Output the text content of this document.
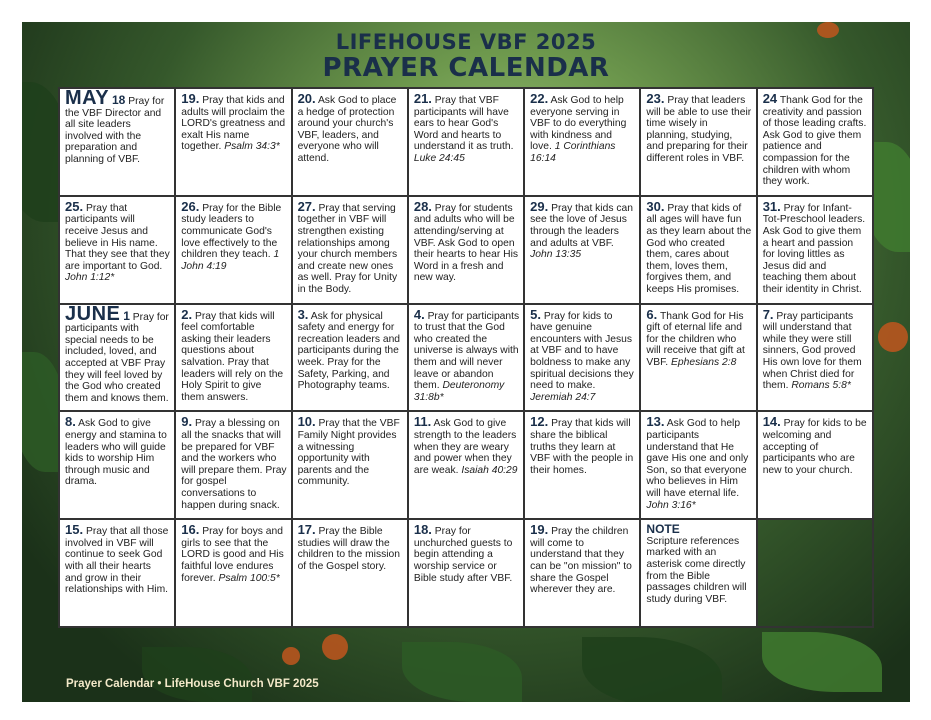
LIFEHOUSE VBF 2025
PRAYER CALENDAR
MAY 18 Pray for the VBF Director and all site leaders involved with the preparation and planning of VBF.
19. Pray that kids and adults will proclaim the LORD's greatness and exalt His name together. Psalm 34:3*
20. Ask God to place a hedge of protection around your church's VBF, leaders, and everyone who will attend.
21. Pray that VBF participants will have ears to hear God's Word and hearts to understand it as truth. Luke 24:45
22. Ask God to help everyone serving in VBF to do everything with kindness and love. 1 Corinthians 16:14
23. Pray that leaders will be able to use their time wisely in planning, studying, and preparing for their different roles in VBF.
24 Thank God for the creativity and passion of those leading crafts. Ask God to give them patience and compassion for the children with whom they work.
25. Pray that participants will receive Jesus and believe in His name. That they see that they are important to God. John 1:12*
26. Pray for the Bible study leaders to communicate God's love effectively to the children they teach. 1 John 4:19
27. Pray that serving together in VBF will strengthen existing relationships among your church members and create new ones as well. Pray for Unity in the Body.
28. Pray for students and adults who will be attending/serving at VBF. Ask God to open their hearts to hear His Word in a fresh and new way.
29. Pray that kids can see the love of Jesus through the leaders and adults at VBF. John 13:35
30. Pray that kids of all ages will have fun as they learn about the God who created them, cares about them, loves them, forgives them, and keeps His promises.
31. Pray for Infant-Tot-Preschool leaders. Ask God to give them a heart and passion for loving littles as Jesus did and teaching them about their identity in Christ.
JUNE 1 Pray for participants with special needs to be included, loved, and accepted at VBF Pray they will feel loved by the God who created them and knows them.
2. Pray that kids will feel comfortable asking their leaders questions about salvation. Pray that leaders will rely on the Holy Spirit to give them answers.
3. Ask for physical safety and energy for recreation leaders and participants during the week. Pray for the Safety, Parking, and Photography teams.
4. Pray for participants to trust that the God who created the universe is always with them and will never leave or abandon them. Deuteronomy 31:8b*
5. Pray for kids to have genuine encounters with Jesus at VBF and to have boldness to make any spiritual decisions they need to make. Jeremiah 24:7
6. Thank God for His gift of eternal life and for the children who will receive that gift at VBF. Ephesians 2:8
7. Pray participants will understand that while they were still sinners, God proved His own love for them when Christ died for them. Romans 5:8*
8. Ask God to give energy and stamina to leaders who will guide kids to worship Him through music and drama.
9. Pray a blessing on all the snacks that will be prepared for VBF and the workers who will prepare them. Pray for gospel conversations to happen during snack.
10. Pray that the VBF Family Night provides a witnessing opportunity with parents and the community.
11. Ask God to give strength to the leaders when they are weary and power when they are weak. Isaiah 40:29
12. Pray that kids will share the biblical truths they learn at VBF with the people in their homes.
13. Ask God to help participants understand that He gave His one and only Son, so that everyone who believes in Him will have eternal life. John 3:16*
14. Pray for kids to be welcoming and accepting of participants who are new to your church.
15. Pray that all those involved in VBF will continue to seek God with all their hearts and grow in their relationships with Him.
16. Pray for boys and girls to see that the LORD is good and His faithful love endures forever. Psalm 100:5*
17. Pray the Bible studies will draw the children to the mission of the Gospel story.
18. Pray for unchurched guests to begin attending a worship service or Bible study after VBF.
19. Pray the children will come to understand that they can be "on mission" to share the Gospel wherever they are.
NOTE
Scripture references marked with an asterisk come directly from the Bible passages children will study during VBF.
Prayer Calendar • LifeHouse Church VBF 2025
